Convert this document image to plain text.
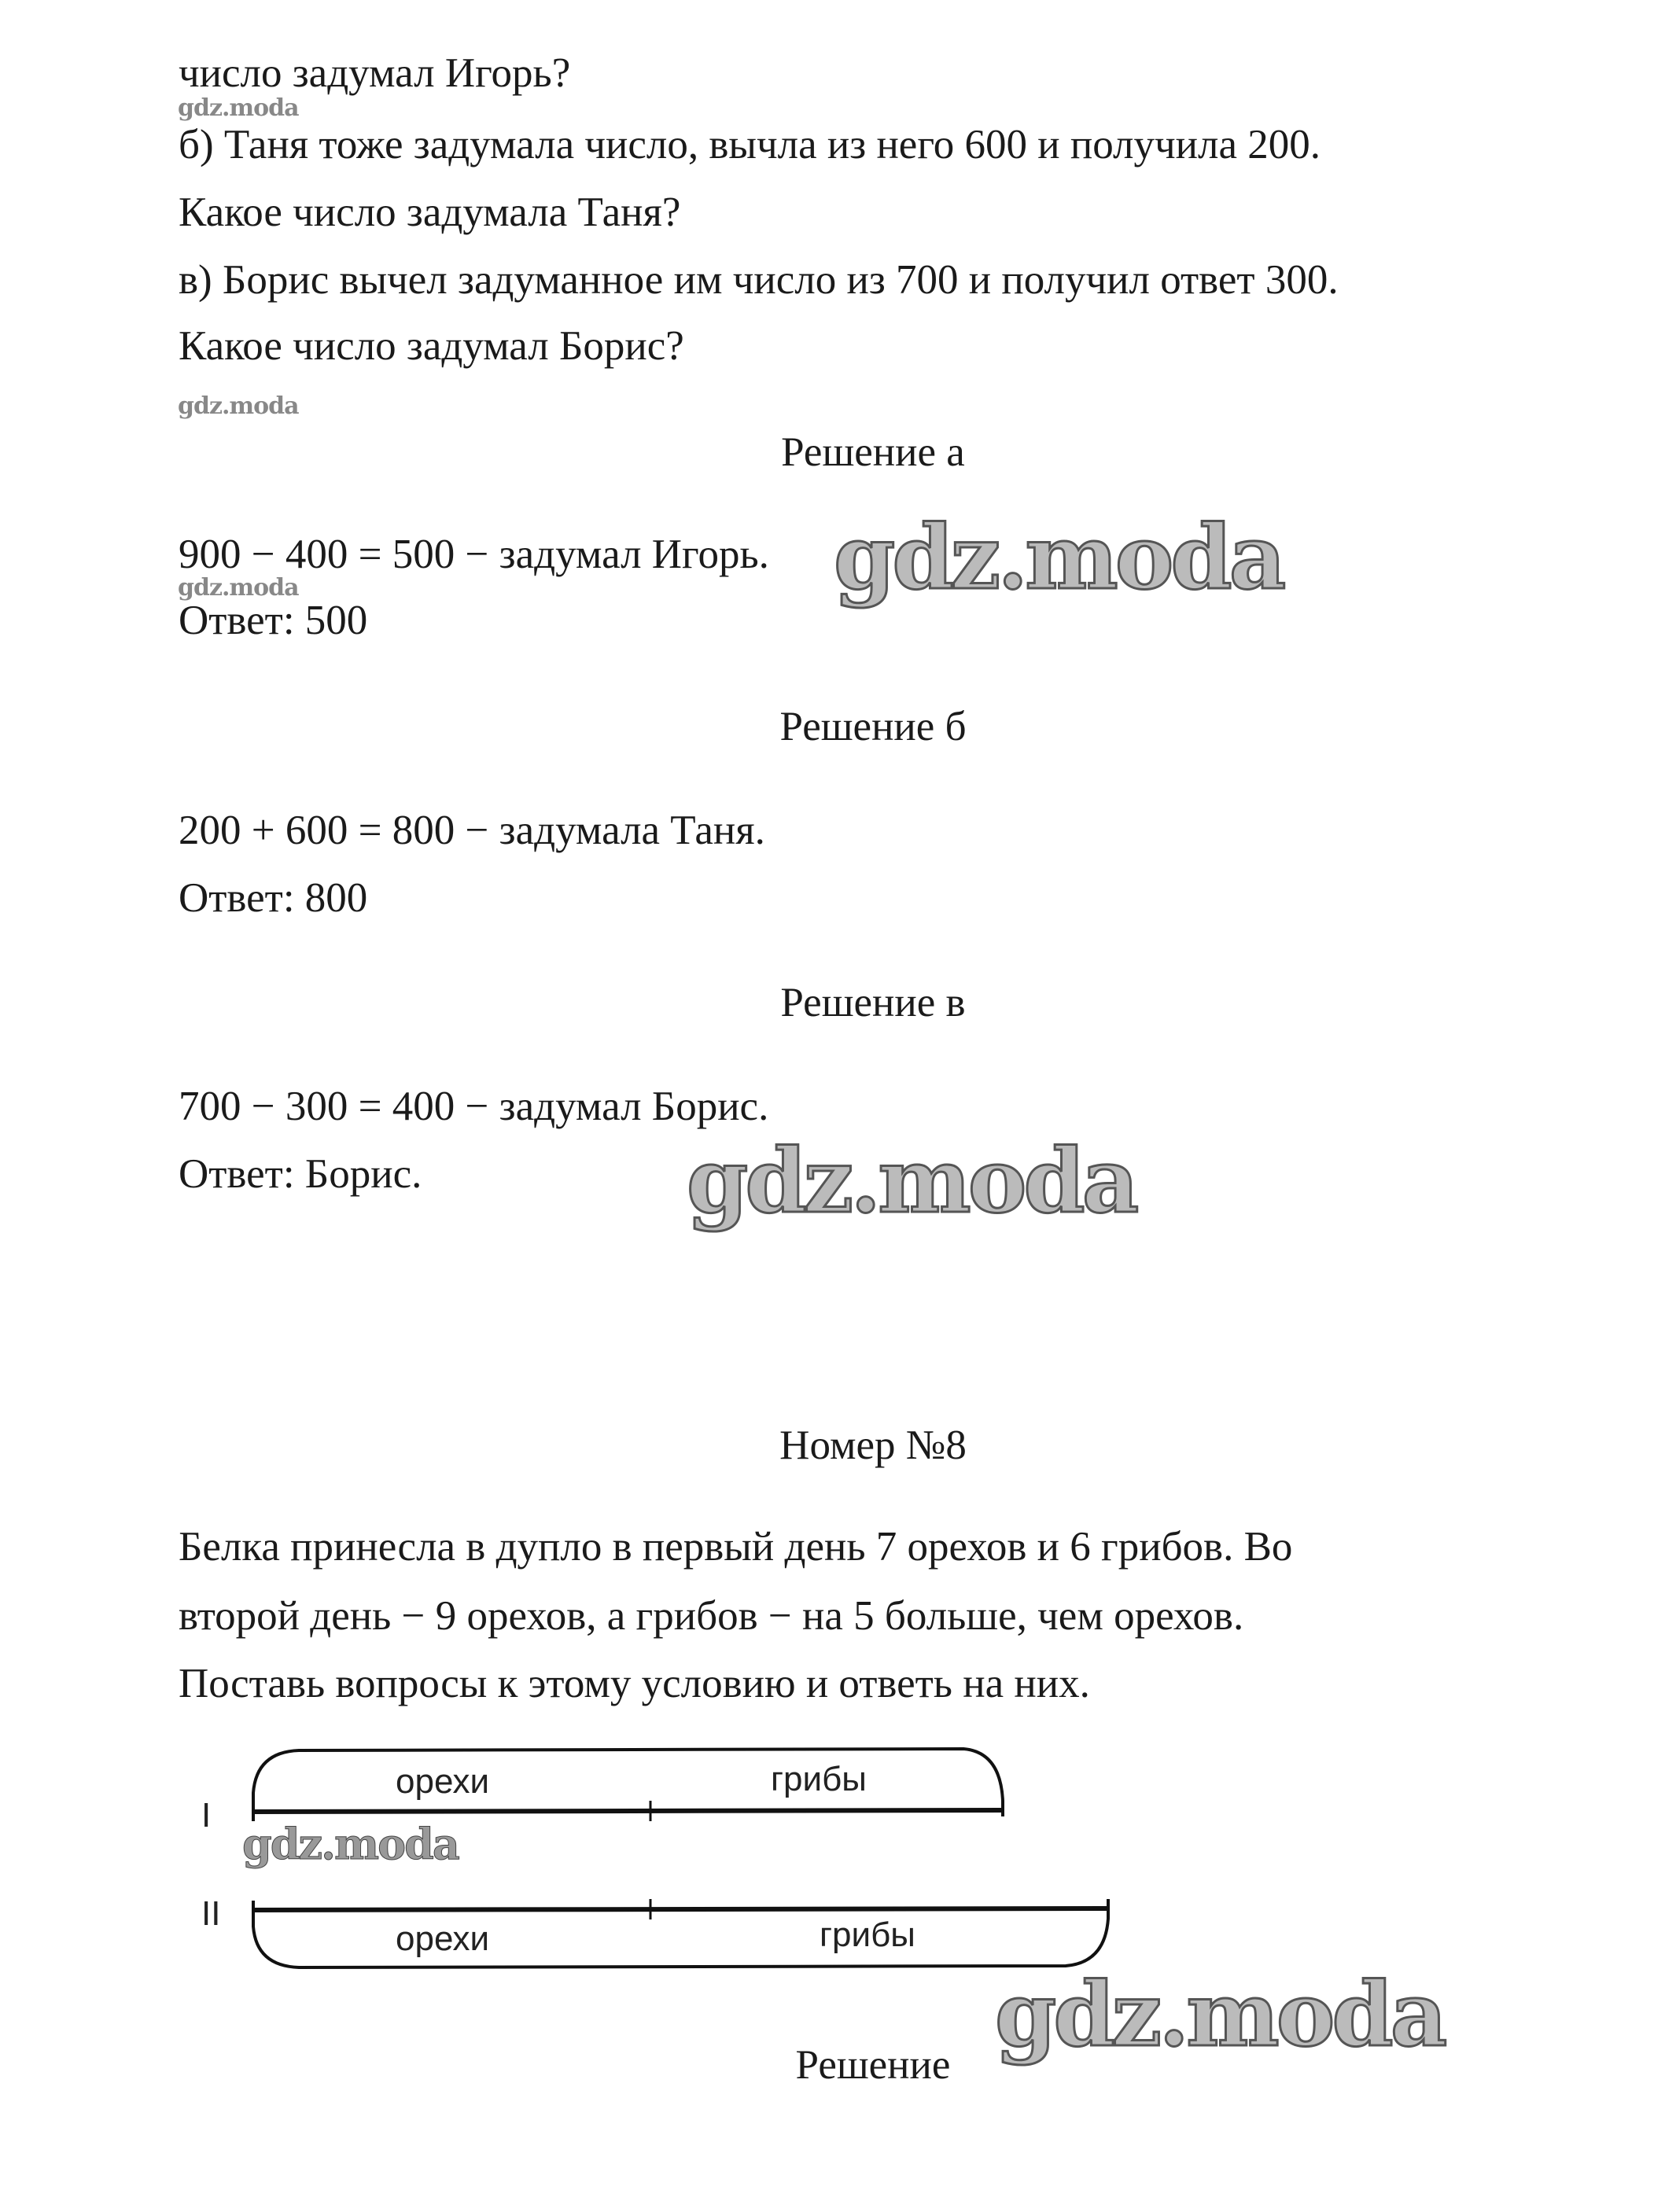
число задумал Игорь?
gdz.moda
б) Таня тоже задумала число, вычла из него 600 и получила 200.
Какое число задумала Таня?
в) Борис вычел задуманное им число из 700 и получил ответ 300.
Какое число задумал Борис?
gdz.moda
Решение а
900 − 400 = 500 − задумал Игорь. gdz.moda
gdz.moda
Ответ: 500
Решение б
200 + 600 = 800 − задумала Таня.
Ответ: 800
Решение в
700 − 300 = 400 − задумал Борис.
Ответ: Борис.	gdz.moda
Номер №8
Белка принесла в дупло в первый день 7 орехов и 6 грибов. Во
второй день − 9 орехов, а грибов − на 5 больше, чем орехов.
Поставь вопросы к этому условию и ответь на них.
I
II
орехи	грибы
орехи	грибы
gdz.moda
gdz.moda
Решение
